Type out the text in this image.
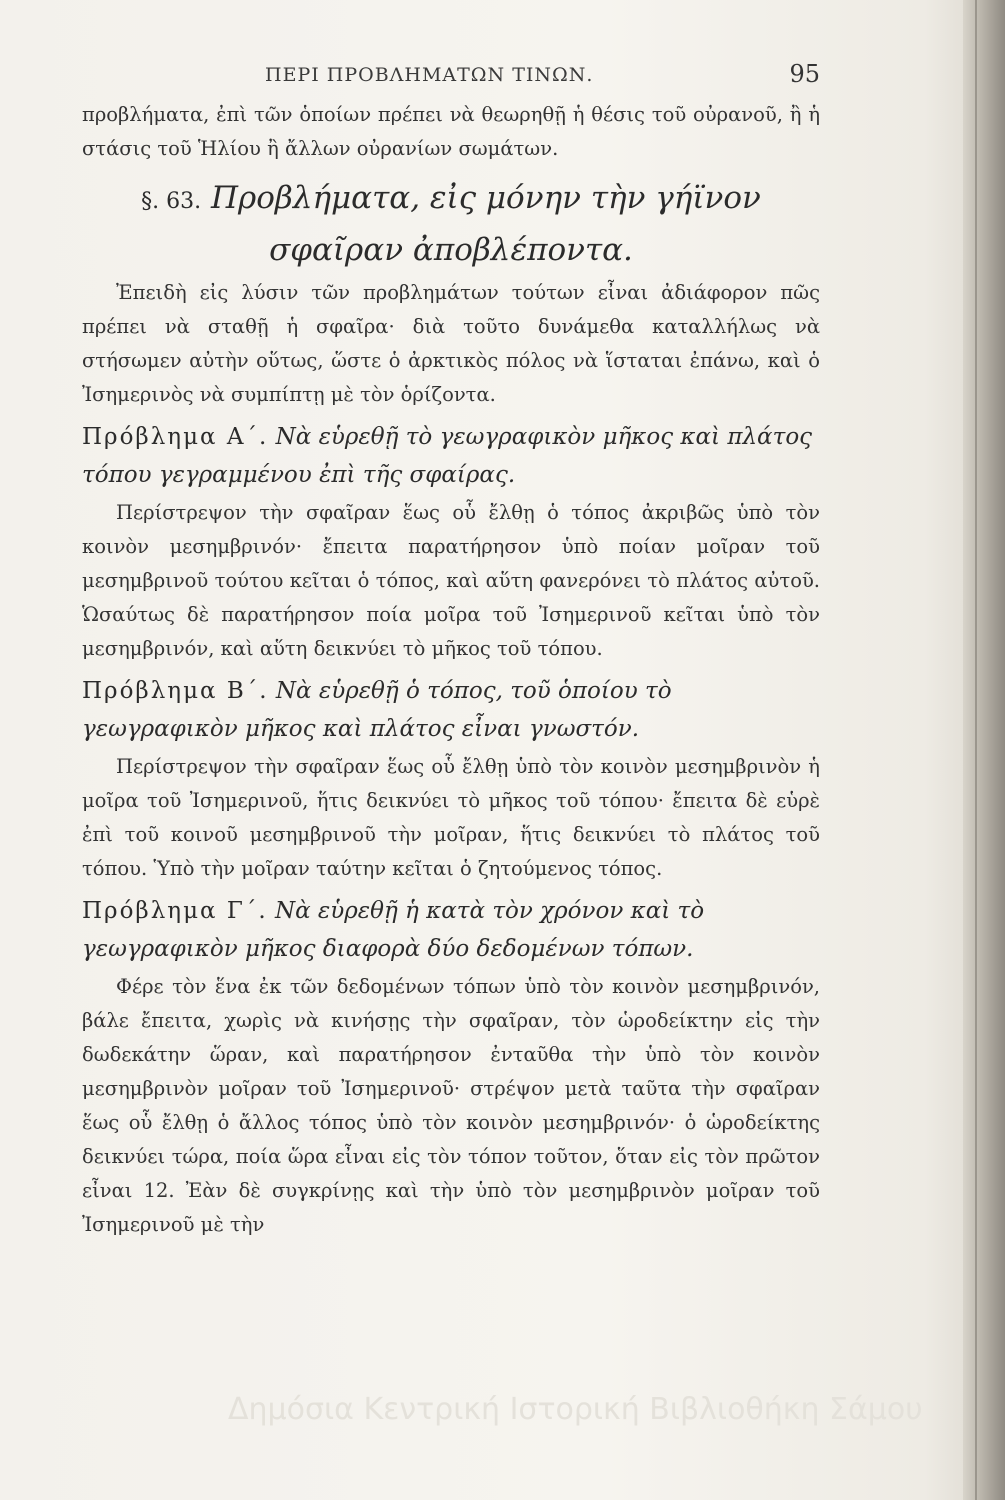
ΠΕΡΙ ΠΡΟΒΛΗΜΑΤΩΝ ΤΙΝΩΝ.	95

προβλήματα, ἐπὶ τῶν ὁποίων πρέπει νὰ θεωρηθῇ ἡ θέσις τοῦ οὐρανοῦ, ἢ ἡ στάσις τοῦ Ἡλίου ἢ ἄλλων οὐρανίων σωμάτων.

§. 63. Προβλήματα, εἰς μόνην τὴν γήϊνον σφαῖραν ἀποβλέποντα.

Ἐπειδὴ εἰς λύσιν τῶν προβλημάτων τούτων εἶναι ἀδιάφορον πῶς πρέπει νὰ σταθῇ ἡ σφαῖρα· διὰ τοῦτο δυνάμεθα καταλλήλως νὰ στήσωμεν αὐτὴν οὕτως, ὥστε ὁ ἀρκτικὸς πόλος νὰ ἵσταται ἐπάνω, καὶ ὁ Ἰσημερινὸς νὰ συμπίπτῃ μὲ τὸν ὁρίζοντα.

Πρόβλημα Α΄. Νὰ εὑρεθῇ τὸ γεωγραφικὸν μῆκος καὶ πλάτος τόπου γεγραμμένου ἐπὶ τῆς σφαίρας.

Περίστρεψον τὴν σφαῖραν ἕως οὗ ἔλθῃ ὁ τόπος ἀκριβῶς ὑπὸ τὸν κοινὸν μεσημβρινόν· ἔπειτα παρατήρησον ὑπὸ ποίαν μοῖραν τοῦ μεσημβρινοῦ τούτου κεῖται ὁ τόπος, καὶ αὕτη φανερόνει τὸ πλάτος αὐτοῦ. Ὡσαύτως δὲ παρατήρησον ποία μοῖρα τοῦ Ἰσημερινοῦ κεῖται ὑπὸ τὸν μεσημβρινόν, καὶ αὕτη δεικνύει τὸ μῆκος τοῦ τόπου.

Πρόβλημα Β΄. Νὰ εὑρεθῇ ὁ τόπος, τοῦ ὁποίου τὸ γεωγραφικὸν μῆκος καὶ πλάτος εἶναι γνωστόν.

Περίστρεψον τὴν σφαῖραν ἕως οὗ ἔλθῃ ὑπὸ τὸν κοινὸν μεσημβρινὸν ἡ μοῖρα τοῦ Ἰσημερινοῦ, ἥτις δεικνύει τὸ μῆκος τοῦ τόπου· ἔπειτα δὲ εὑρὲ ἐπὶ τοῦ κοινοῦ μεσημβρινοῦ τὴν μοῖραν, ἥτις δεικνύει τὸ πλάτος τοῦ τόπου. Ὑπὸ τὴν μοῖραν ταύτην κεῖται ὁ ζητούμενος τόπος.

Πρόβλημα Γ΄. Νὰ εὑρεθῇ ἡ κατὰ τὸν χρόνον καὶ τὸ γεωγραφικὸν μῆκος διαφορὰ δύο δεδομένων τόπων.

Φέρε τὸν ἕνα ἐκ τῶν δεδομένων τόπων ὑπὸ τὸν κοινὸν μεσημβρινόν, βάλε ἔπειτα, χωρὶς νὰ κινήσῃς τὴν σφαῖραν, τὸν ὡροδείκτην εἰς τὴν δωδεκάτην ὥραν, καὶ παρατήρησον ἐνταῦθα τὴν ὑπὸ τὸν κοινὸν μεσημβρινὸν μοῖραν τοῦ Ἰσημερινοῦ· στρέψον μετὰ ταῦτα τὴν σφαῖραν ἕως οὗ ἔλθῃ ὁ ἄλλος τόπος ὑπὸ τὸν κοινὸν μεσημβρινόν· ὁ ὡροδείκτης δεικνύει τώρα, ποία ὥρα εἶναι εἰς τὸν τόπον τοῦτον, ὅταν εἰς τὸν πρῶτον εἶναι 12. Ἐὰν δὲ συγκρίνῃς καὶ τὴν ὑπὸ τὸν μεσημβρινὸν μοῖραν τοῦ Ἰσημερινοῦ μὲ τὴν

Δημόσια Κεντρική Ιστορική Βιβλιοθήκη Σάμου
